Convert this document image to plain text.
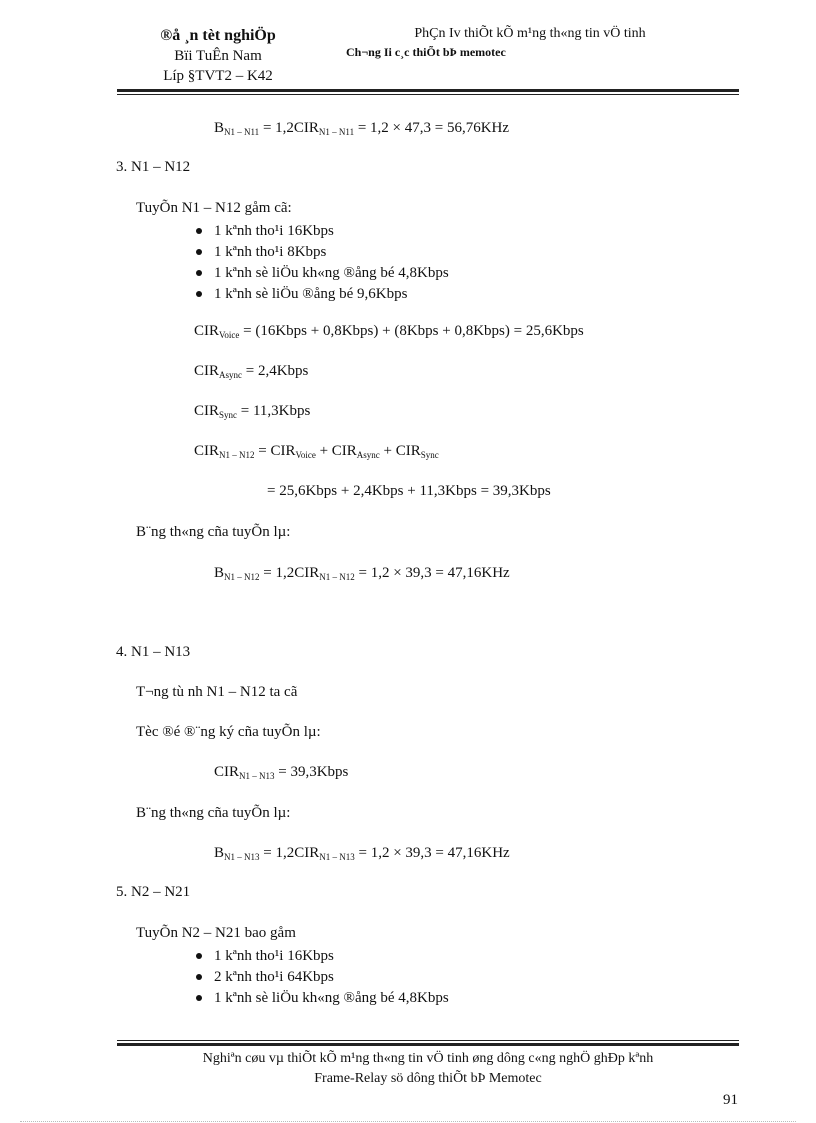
®å ¸n tèt nghiÖp
Bïi TuÊn Nam
Líp §TVT2 – K42
PhÇn Iv thiÕt kÕ m¹ng th«ng tin vÖ tinh
Ch¬ng Ii c¸c thiÕt bÞ memotec
$B_{N1 - N11} = 1,2CIR_{N1 - N11} = 1,2 \times 47,3 = 56,76KHz$
3. N1 – N12
TuyÕn N1 – N12 gåm cã:
1 kªnh tho¹i 16Kbps
1 kªnh tho¹i 8Kbps
1 kªnh sè liÖu kh«ng ®ång bé 4,8Kbps
1 kªnh sè liÖu ®ång bé 9,6Kbps
$CIR_{Voice}$ = (16Kbps + 0,8Kbps) + (8Kbps + 0,8Kbps) = 25,6Kbps
$CIR_{Async}$ = 2,4Kbps
$CIR_{Sync}$ = 11,3Kbps
$CIR_{N1 - N12} = CIR_{Voice} + CIR_{Async} + CIR_{Sync}$
= 25,6Kbps + 2,4Kbps + 11,3Kbps = 39,3Kbps
B¨ng th«ng cña tuyÕn lµ:
$B_{N1 - N12} = 1,2CIR_{N1 - N12} = 1,2 \times 39,3 = 47,16KHz$
4. N1 – N13
T¬ng tù nh N1 – N12 ta cã
Tèc ®é ®¨ng ký cña tuyÕn lµ:
$CIR_{N1 - N13}$ = 39,3Kbps
B¨ng th«ng cña tuyÕn lµ:
$B_{N1 - N13} = 1,2CIR_{N1 - N13} = 1,2 \times 39,3 = 47,16KHz$
5. N2 – N21
TuyÕn N2 – N21 bao gåm
1 kªnh tho¹i 16Kbps
2 kªnh tho¹i 64Kbps
1 kªnh sè liÖu kh«ng ®ång bé 4,8Kbps
Nghiªn cøu vµ thiÕt kÕ m¹ng th«ng tin vÖ tinh øng dông c«ng nghÖ ghÐp kªnh
Frame-Relay sö dông thiÕt bÞ Memotec
91
